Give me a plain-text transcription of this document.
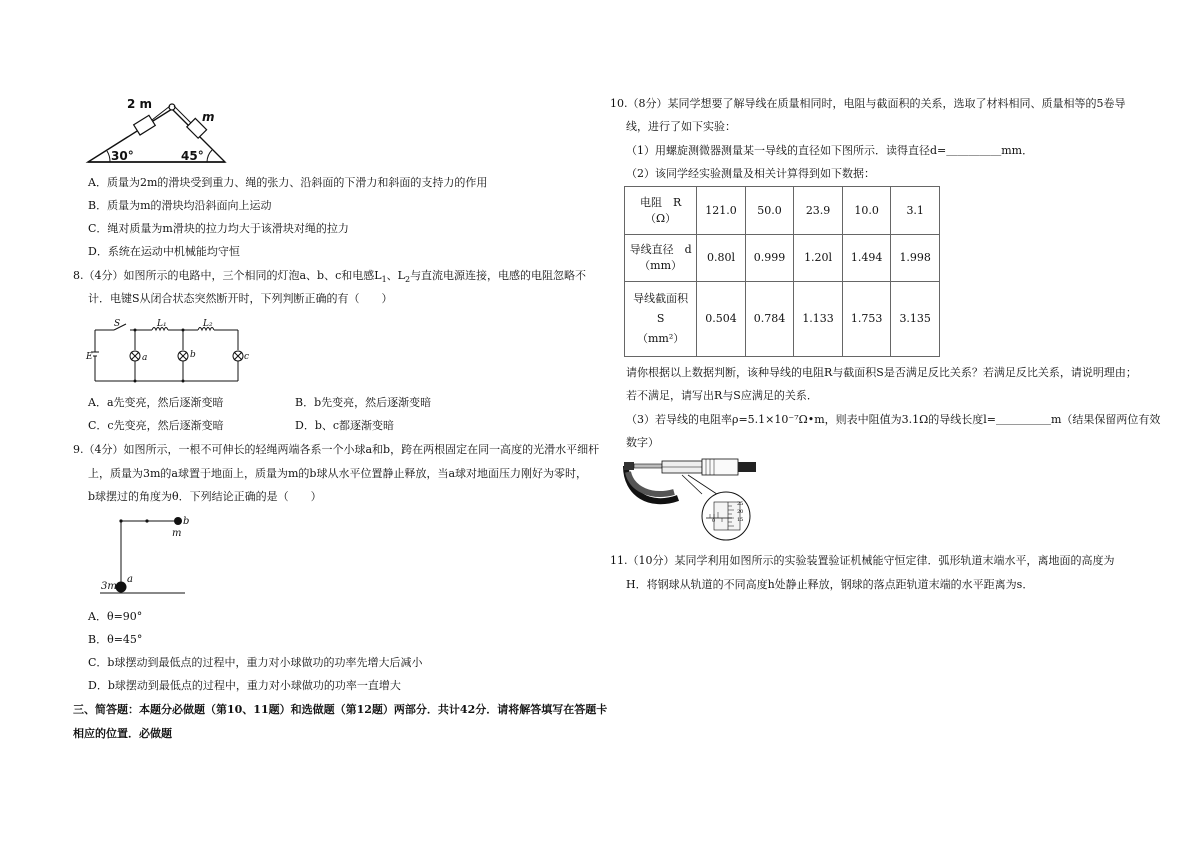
2 m
m
30°	45°
A．质量为2m的滑块受到重力、绳的张力、沿斜面的下滑力和斜面的支持力的作用
B．质量为m的滑块均沿斜面向上运动
C．绳对质量为m滑块的拉力均大于该滑块对绳的拉力
D．系统在运动中机械能均守恒
8.（4分）如图所示的电路中，三个相同的灯泡a、b、c和电感$L_1$、$L_2$与直流电源连接，电感的电阻忽略不
计．电键S从闭合状态突然断开时，下列判断正确的有（　　）
S	L₁	L₂
E	a	b	c
A．a先变亮，然后逐渐变暗	B．b先变亮，然后逐渐变暗
C．c先变亮，然后逐渐变暗	D．b、c都逐渐变暗
9.（4分）如图所示，一根不可伸长的轻绳两端各系一个小球a和b，跨在两根固定在同一高度的光滑水平细杆
上，质量为3m的a球置于地面上，质量为m的b球从水平位置静止释放，当a球对地面压力刚好为零时，
b球摆过的角度为θ．下列结论正确的是（　　）
b
m
a
3m
A．θ=90°
B．θ=45°
C．b球摆动到最低点的过程中，重力对小球做功的功率先增大后减小
D．b球摆动到最低点的过程中，重力对小球做功的功率一直增大
三、简答题：本题分必做题（第10、11题）和选做题（第12题）两部分．共计42分．请将解答填写在答题卡
相应的位置．必做题
10.（8分）某同学想要了解导线在质量相同时，电阻与截面积的关系，选取了材料相同、质量相等的5卷导
线，进行了如下实验：
（1）用螺旋测微器测量某一导线的直径如下图所示．读得直径d=＿＿＿＿＿mm．
（2）该同学经实验测量及相关计算得到如下数据：
电阻　R
（Ω）	121.0	50.0	23.9	10.0	3.1

导线直径　d
（mm）	0.80l	0.999	1.20l	1.494	1.998

导线截面积
S
（mm²）	0.504	0.784	1.133	1.753	3.135
请你根据以上数据判断，该种导线的电阻R与截面积S是否满足反比关系？若满足反比关系，请说明理由；
若不满足，请写出R与S应满足的关系．
（3）若导线的电阻率ρ=5.1×10⁻⁷Ω•m，则表中阻值为3.1Ω的导线长度l=＿＿＿＿＿m（结果保留两位有效
数字）
25
20
15
0
11.（10分）某同学利用如图所示的实验装置验证机械能守恒定律．弧形轨道末端水平，离地面的高度为
H．将钢球从轨道的不同高度h处静止释放，钢球的落点距轨道末端的水平距离为s．
